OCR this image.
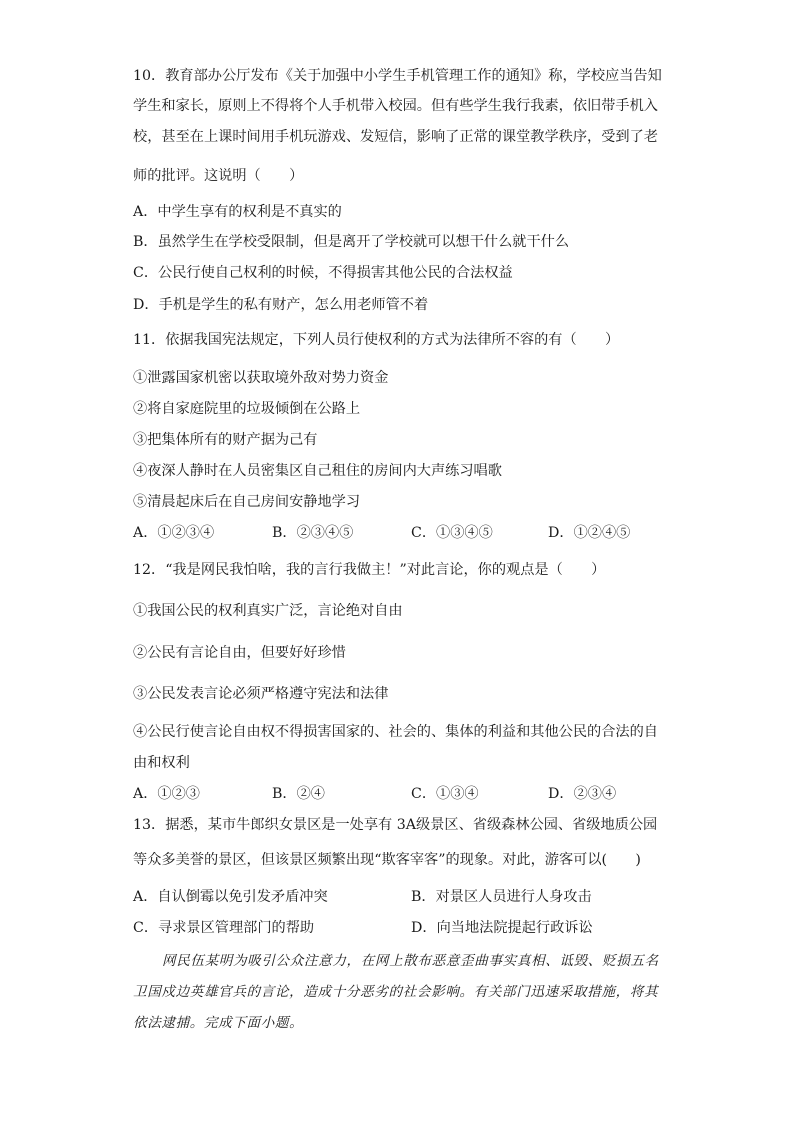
10．教育部办公厅发布《关于加强中小学生手机管理工作的通知》称，学校应当告知
学生和家长，原则上不得将个人手机带入校园。但有些学生我行我素，依旧带手机入
校，甚至在上课时间用手机玩游戏、发短信，影响了正常的课堂教学秩序，受到了老
师的批评。这说明（　　）
A．中学生享有的权利是不真实的
B．虽然学生在学校受限制，但是离开了学校就可以想干什么就干什么
C．公民行使自己权利的时候，不得损害其他公民的合法权益
D．手机是学生的私有财产，怎么用老师管不着
11．依据我国宪法规定，下列人员行使权利的方式为法律所不容的有（　　）
①泄露国家机密以获取境外敌对势力资金
②将自家庭院里的垃圾倾倒在公路上
③把集体所有的财产据为己有
④夜深人静时在人员密集区自己租住的房间内大声练习唱歌
⑤清晨起床后在自己房间安静地学习
A．①②③④	B．②③④⑤	C．①③④⑤	D．①②④⑤
12．“我是网民我怕啥，我的言行我做主！”对此言论，你的观点是（　　）
①我国公民的权利真实广泛，言论绝对自由
②公民有言论自由，但要好好珍惜
③公民发表言论必须严格遵守宪法和法律
④公民行使言论自由权不得损害国家的、社会的、集体的利益和其他公民的合法的自
由和权利
A．①②③	B．②④	C．①③④	D．②③④
13．据悉，某市牛郎织女景区是一处享有 3A级景区、省级森林公园、省级地质公园
等众多美誉的景区，但该景区频繁出现“欺客宰客”的现象。对此，游客可以(　　)
A．自认倒霉以免引发矛盾冲突	B．对景区人员进行人身攻击
C．寻求景区管理部门的帮助	D．向当地法院提起行政诉讼
网民伍某明为吸引公众注意力，在网上散布恶意歪曲事实真相、诋毁、贬损五名
卫国戍边英雄官兵的言论，造成十分恶劣的社会影响。有关部门迅速采取措施，将其
依法逮捕。完成下面小题。
